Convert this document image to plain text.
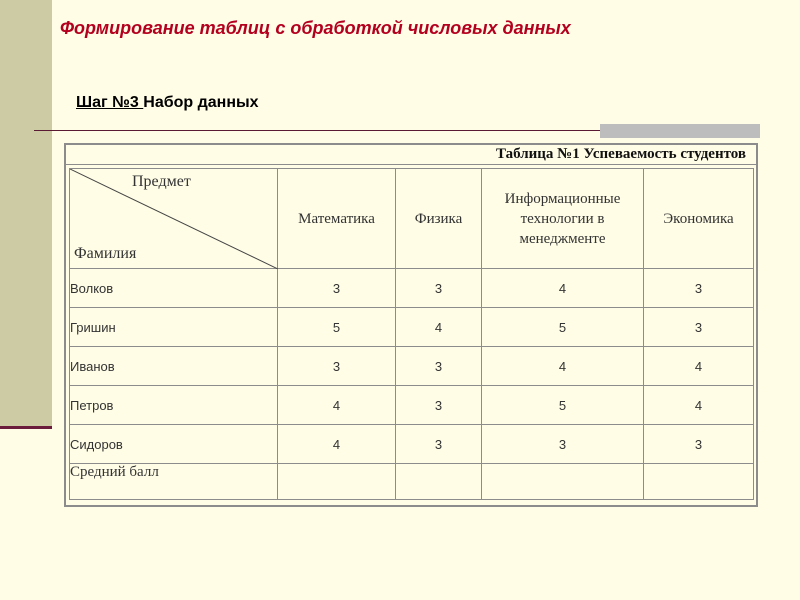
Формирование таблиц с обработкой числовых данных
Шаг №3 Набор данных
Таблица №1 Успеваемость студентов
Предмет
Фамилия	Математика	Физика	Информационные технологии в менеджменте	Экономика
Волков	3	3	4	3
Гришин	5	4	5	3
Иванов	3	3	4	4
Петров	4	3	5	4
Сидоров	4	3	3	3
Средний балл				
